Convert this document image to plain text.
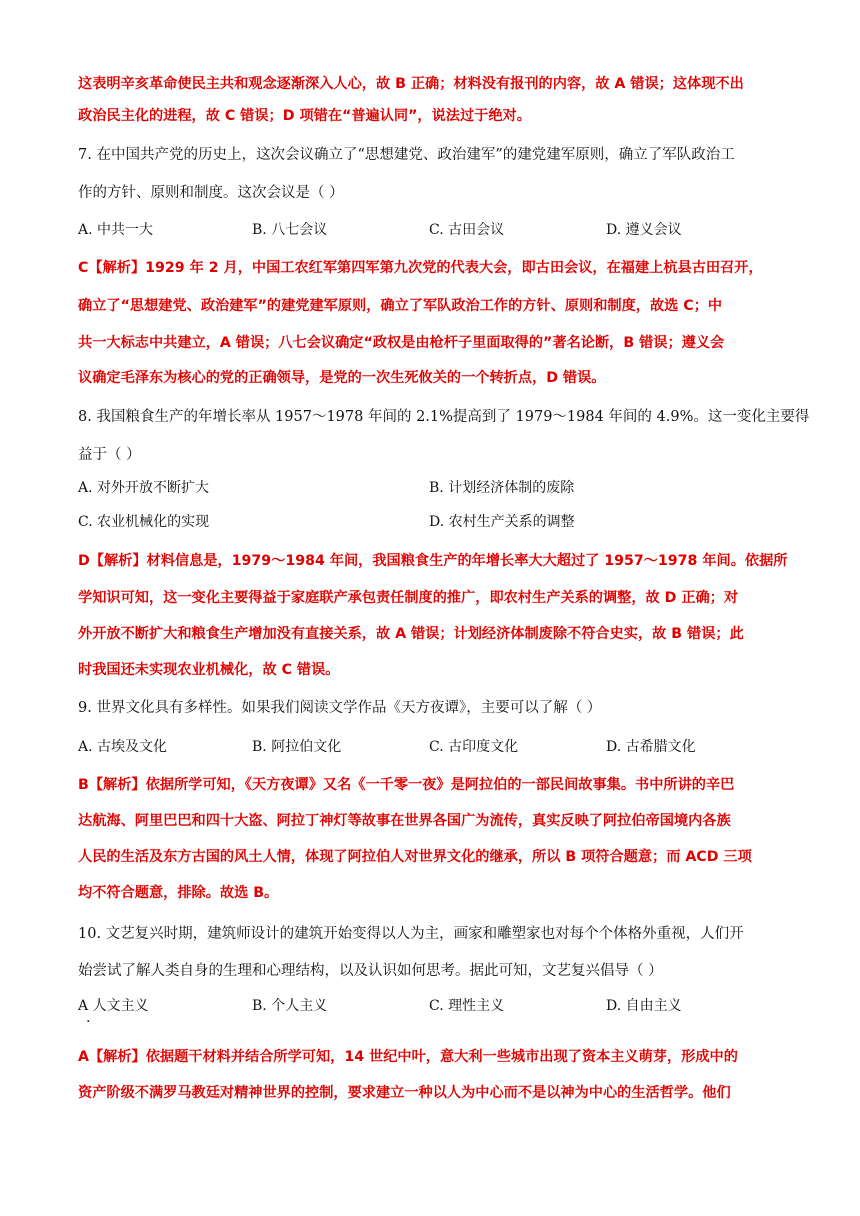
这表明辛亥革命使民主共和观念逐渐深入人心，故 B 正确；材料没有报刊的内容，故 A 错误；这体现不出
政治民主化的进程，故 C 错误；D 项错在“普遍认同”，说法过于绝对。
7. 在中国共产党的历史上，这次会议确立了“思想建党、政治建军”的建党建军原则，确立了军队政治工
作的方针、原则和制度。这次会议是（ ）
A. 中共一大	B. 八七会议	C. 古田会议	D. 遵义会议
C【解析】1929 年 2 月，中国工农红军第四军第九次党的代表大会，即古田会议，在福建上杭县古田召开，
确立了“思想建党、政治建军”的建党建军原则，确立了军队政治工作的方针、原则和制度，故选 C；中
共一大标志中共建立，A 错误；八七会议确定“政权是由枪杆子里面取得的”著名论断，B 错误；遵义会
议确定毛泽东为核心的党的正确领导，是党的一次生死攸关的一个转折点，D 错误。
8. 我国粮食生产的年增长率从 1957～1978 年间的 2.1%提高到了 1979～1984 年间的 4.9%。这一变化主要得
益于（ ）
A. 对外开放不断扩大	B. 计划经济体制的废除
C. 农业机械化的实现	D. 农村生产关系的调整
D【解析】材料信息是，1979～1984 年间，我国粮食生产的年增长率大大超过了 1957～1978 年间。依据所
学知识可知，这一变化主要得益于家庭联产承包责任制度的推广，即农村生产关系的调整，故 D 正确；对
外开放不断扩大和粮食生产增加没有直接关系，故 A 错误；计划经济体制废除不符合史实，故 B 错误；此
时我国还未实现农业机械化，故 C 错误。
9. 世界文化具有多样性。如果我们阅读文学作品《天方夜谭》，主要可以了解（ ）
A. 古埃及文化	B. 阿拉伯文化	C. 古印度文化	D. 古希腊文化
B【解析】依据所学可知，《天方夜谭》又名《一千零一夜》是阿拉伯的一部民间故事集。书中所讲的辛巴
达航海、阿里巴巴和四十大盗、阿拉丁神灯等故事在世界各国广为流传，真实反映了阿拉伯帝国境内各族
人民的生活及东方古国的风土人情，体现了阿拉伯人对世界文化的继承，所以 B 项符合题意；而 ACD 三项
均不符合题意，排除。故选 B。
10. 文艺复兴时期，建筑师设计的建筑开始变得以人为主，画家和雕塑家也对每个个体格外重视，人们开
始尝试了解人类自身的生理和心理结构，以及认识如何思考。据此可知，文艺复兴倡导（ ）
A 人文主义	B. 个人主义	C. 理性主义	D. 自由主义
.
A【解析】依据题干材料并结合所学可知，14 世纪中叶，意大利一些城市出现了资本主义萌芽，形成中的
资产阶级不满罗马教廷对精神世界的控制，要求建立一种以人为中心而不是以神为中心的生活哲学。他们
